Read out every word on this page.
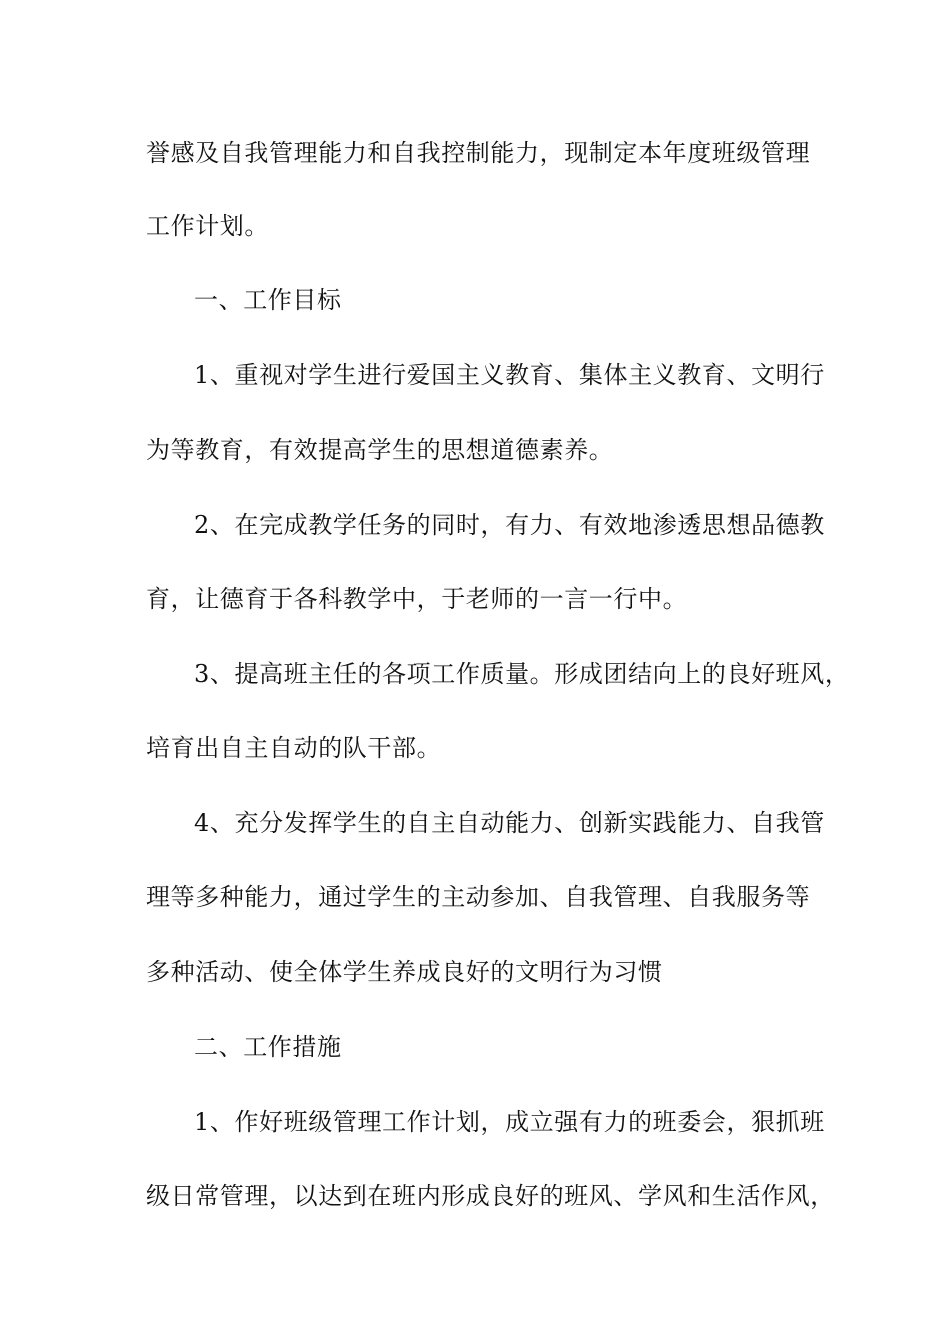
誉感及自我管理能力和自我控制能力，现制定本年度班级管理
工作计划。
一、工作目标
1、重视对学生进行爱国主义教育、集体主义教育、文明行
为等教育，有效提高学生的思想道德素养。
2、在完成教学任务的同时，有力、有效地渗透思想品德教
育，让德育于各科教学中，于老师的一言一行中。
3、提高班主任的各项工作质量。形成团结向上的良好班风，
培育出自主自动的队干部。
4、充分发挥学生的自主自动能力、创新实践能力、自我管
理等多种能力，通过学生的主动参加、自我管理、自我服务等
多种活动、使全体学生养成良好的文明行为习惯
二、工作措施
1、作好班级管理工作计划，成立强有力的班委会，狠抓班
级日常管理，以达到在班内形成良好的班风、学风和生活作风，
